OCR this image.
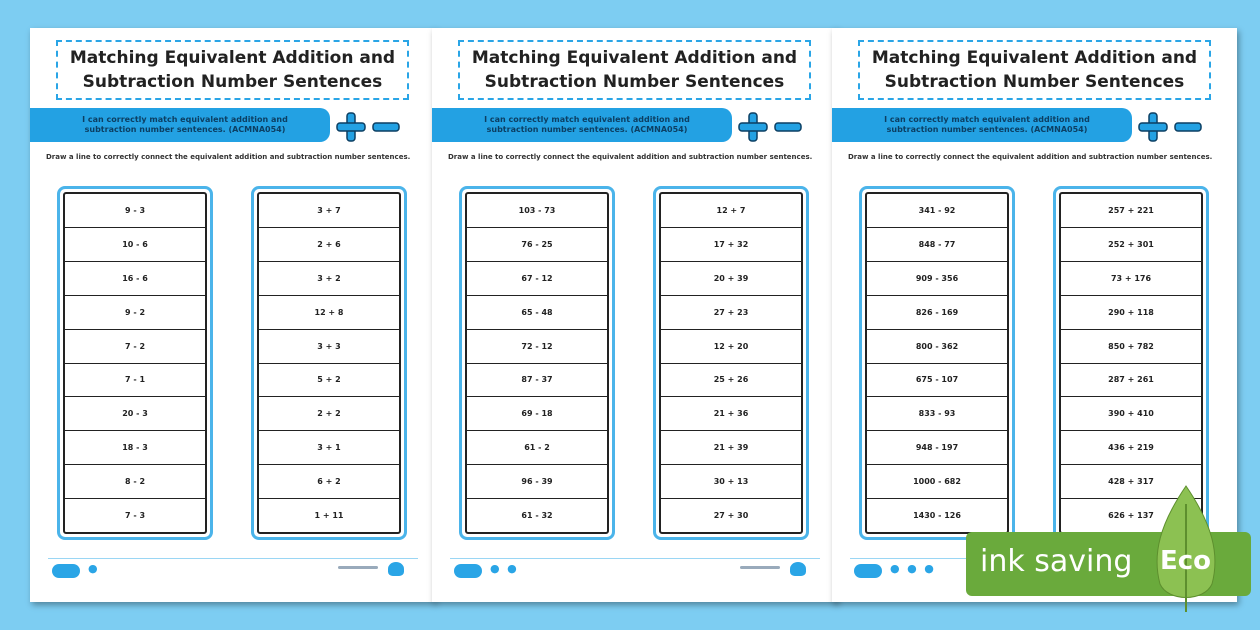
Matching Equivalent Addition and Subtraction Number Sentences
I can correctly match equivalent addition and subtraction number sentences. (ACMNA054)
Draw a line to correctly connect the equivalent addition and subtraction number sentences.
9 - 3
10 - 6
16 - 6
9 - 2
7 - 2
7 - 1
20 - 3
18 - 3
8 - 2
7 - 3
3 + 7
2 + 6
3 + 2
12 + 8
3 + 3
5 + 2
2 + 2
3 + 1
6 + 2
1 + 11
●
Matching Equivalent Addition and Subtraction Number Sentences
I can correctly match equivalent addition and subtraction number sentences. (ACMNA054)
Draw a line to correctly connect the equivalent addition and subtraction number sentences.
103 - 73
76 - 25
67 - 12
65 - 48
72 - 12
87 - 37
69 - 18
61 - 2
96 - 39
61 - 32
12 + 7
17 + 32
20 + 39
27 + 23
12 + 20
25 + 26
21 + 36
21 + 39
30 + 13
27 + 30
● ●
Matching Equivalent Addition and Subtraction Number Sentences
I can correctly match equivalent addition and subtraction number sentences. (ACMNA054)
Draw a line to correctly connect the equivalent addition and subtraction number sentences.
341 - 92
848 - 77
909 - 356
826 - 169
800 - 362
675 - 107
833 - 93
948 - 197
1000 - 682
1430 - 126
257 + 221
252 + 301
73 + 176
290 + 118
850 + 782
287 + 261
390 + 410
436 + 219
428 + 317
626 + 137
● ● ● ink saving Eco
